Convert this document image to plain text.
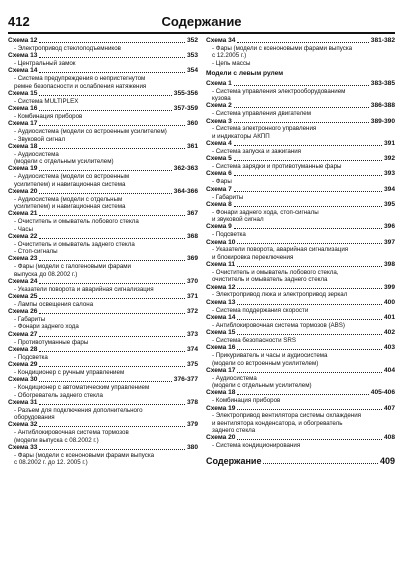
412	Содержание
Схема 12	352
- Электропривод стеклоподъемников
Схема 13	353
- Центральный замок
Схема 14	354
- Система предупреждения о непристегнутом
ремне безопасности и ослабления натяжения
Схема 15	355-356
- Система MULTIPLEX
Схема 16	357-359
- Комбинация приборов
Схема 17	360
- Аудиосистема (модели со встроенным усилителем)
- Звуковой сигнал
Схема 18	361
- Аудиосистема
(модели с отдельным усилителем)
Схема 19	362-363
- Аудиосистема (модели со встроенным
усилителем) и навигационная система
Схема 20	364-366
- Аудиосистема (модели с отдельным
усилителем) и навигационная система
Схема 21	367
- Очиститель и омыватель лобового стекла
- Часы
Схема 22	368
- Очиститель и омыватель заднего стекла
- Стоп-сигналы
Схема 23	369
- Фары (модели с галогеновыми фарами
выпуска до 08.2002 г.)
Схема 24	370
- Указатели поворота и аварийная сигнализация
Схема 25	371
- Лампы освещения салона
Схема 26	372
- Габариты
- Фонари заднего хода
Схема 27	373
- Противотуманные фары
Схема 28	374
- Подсветка
Схема 29	375
- Кондиционер с ручным управлением
Схема 30	376-377
- Кондиционер с автоматическим управлением
- Обогреватель заднего стекла
Схема 31	378
- Разъем для подключения дополнительного
оборудования
Схема 32	379
- Антиблокировочная система тормозов
(модели выпуска с 08.2002 г.)
Схема 33	380
- Фары (модели с ксеноновыми фарами выпуска
с 08.2002 г. до 12. 2005 г.)
Схема 34	381-382
- Фары (модели с ксеноновыми фарами выпуска
с 12.2005 г.)
- Цепь массы
Модели с левым рулем
Схема 1	383-385
- Система управления электрооборудованием
кузова
Схема 2	386-388
- Система управления двигателем
Схема 3	389-390
- Система электронного управления
и индикаторы АКПП
Схема 4	391
- Система запуска и зажигания
Схема 5	392
- Система зарядки и противотуманные фары
Схема 6	393
- Фары
Схема 7	394
- Габариты
Схема 8	395
- Фонари заднего хода, стоп-сигналы
и звуковой сигнал
Схема 9	396
- Подсветка
Схема 10	397
- Указатели поворота, аварийная сигнализация
и блокировка переключения
Схема 11	398
- Очиститель и омыватель лобового стекла,
очиститель и омыватель заднего стекла
Схема 12	399
- Электропривод люка и электропривод зеркал
Схема 13	400
- Система поддержания скорости
Схема 14	401
- Антиблокировочная система тормозов (ABS)
Схема 15	402
- Система безопасности SRS
Схема 16	403
- Прикуриватель и часы и аудиосистема
(модели со встроенным усилителем)
Схема 17	404
- Аудиосистема
(модели с отдельным усилителем)
Схема 18	405-406
- Комбинация приборов
Схема 19	407
- Электропривод вентилятора системы охлаждения
и вентилятора конденсатора, и обогреватель
заднего стекла
Схема 20	408
- Система кондиционирования
Содержание	409
